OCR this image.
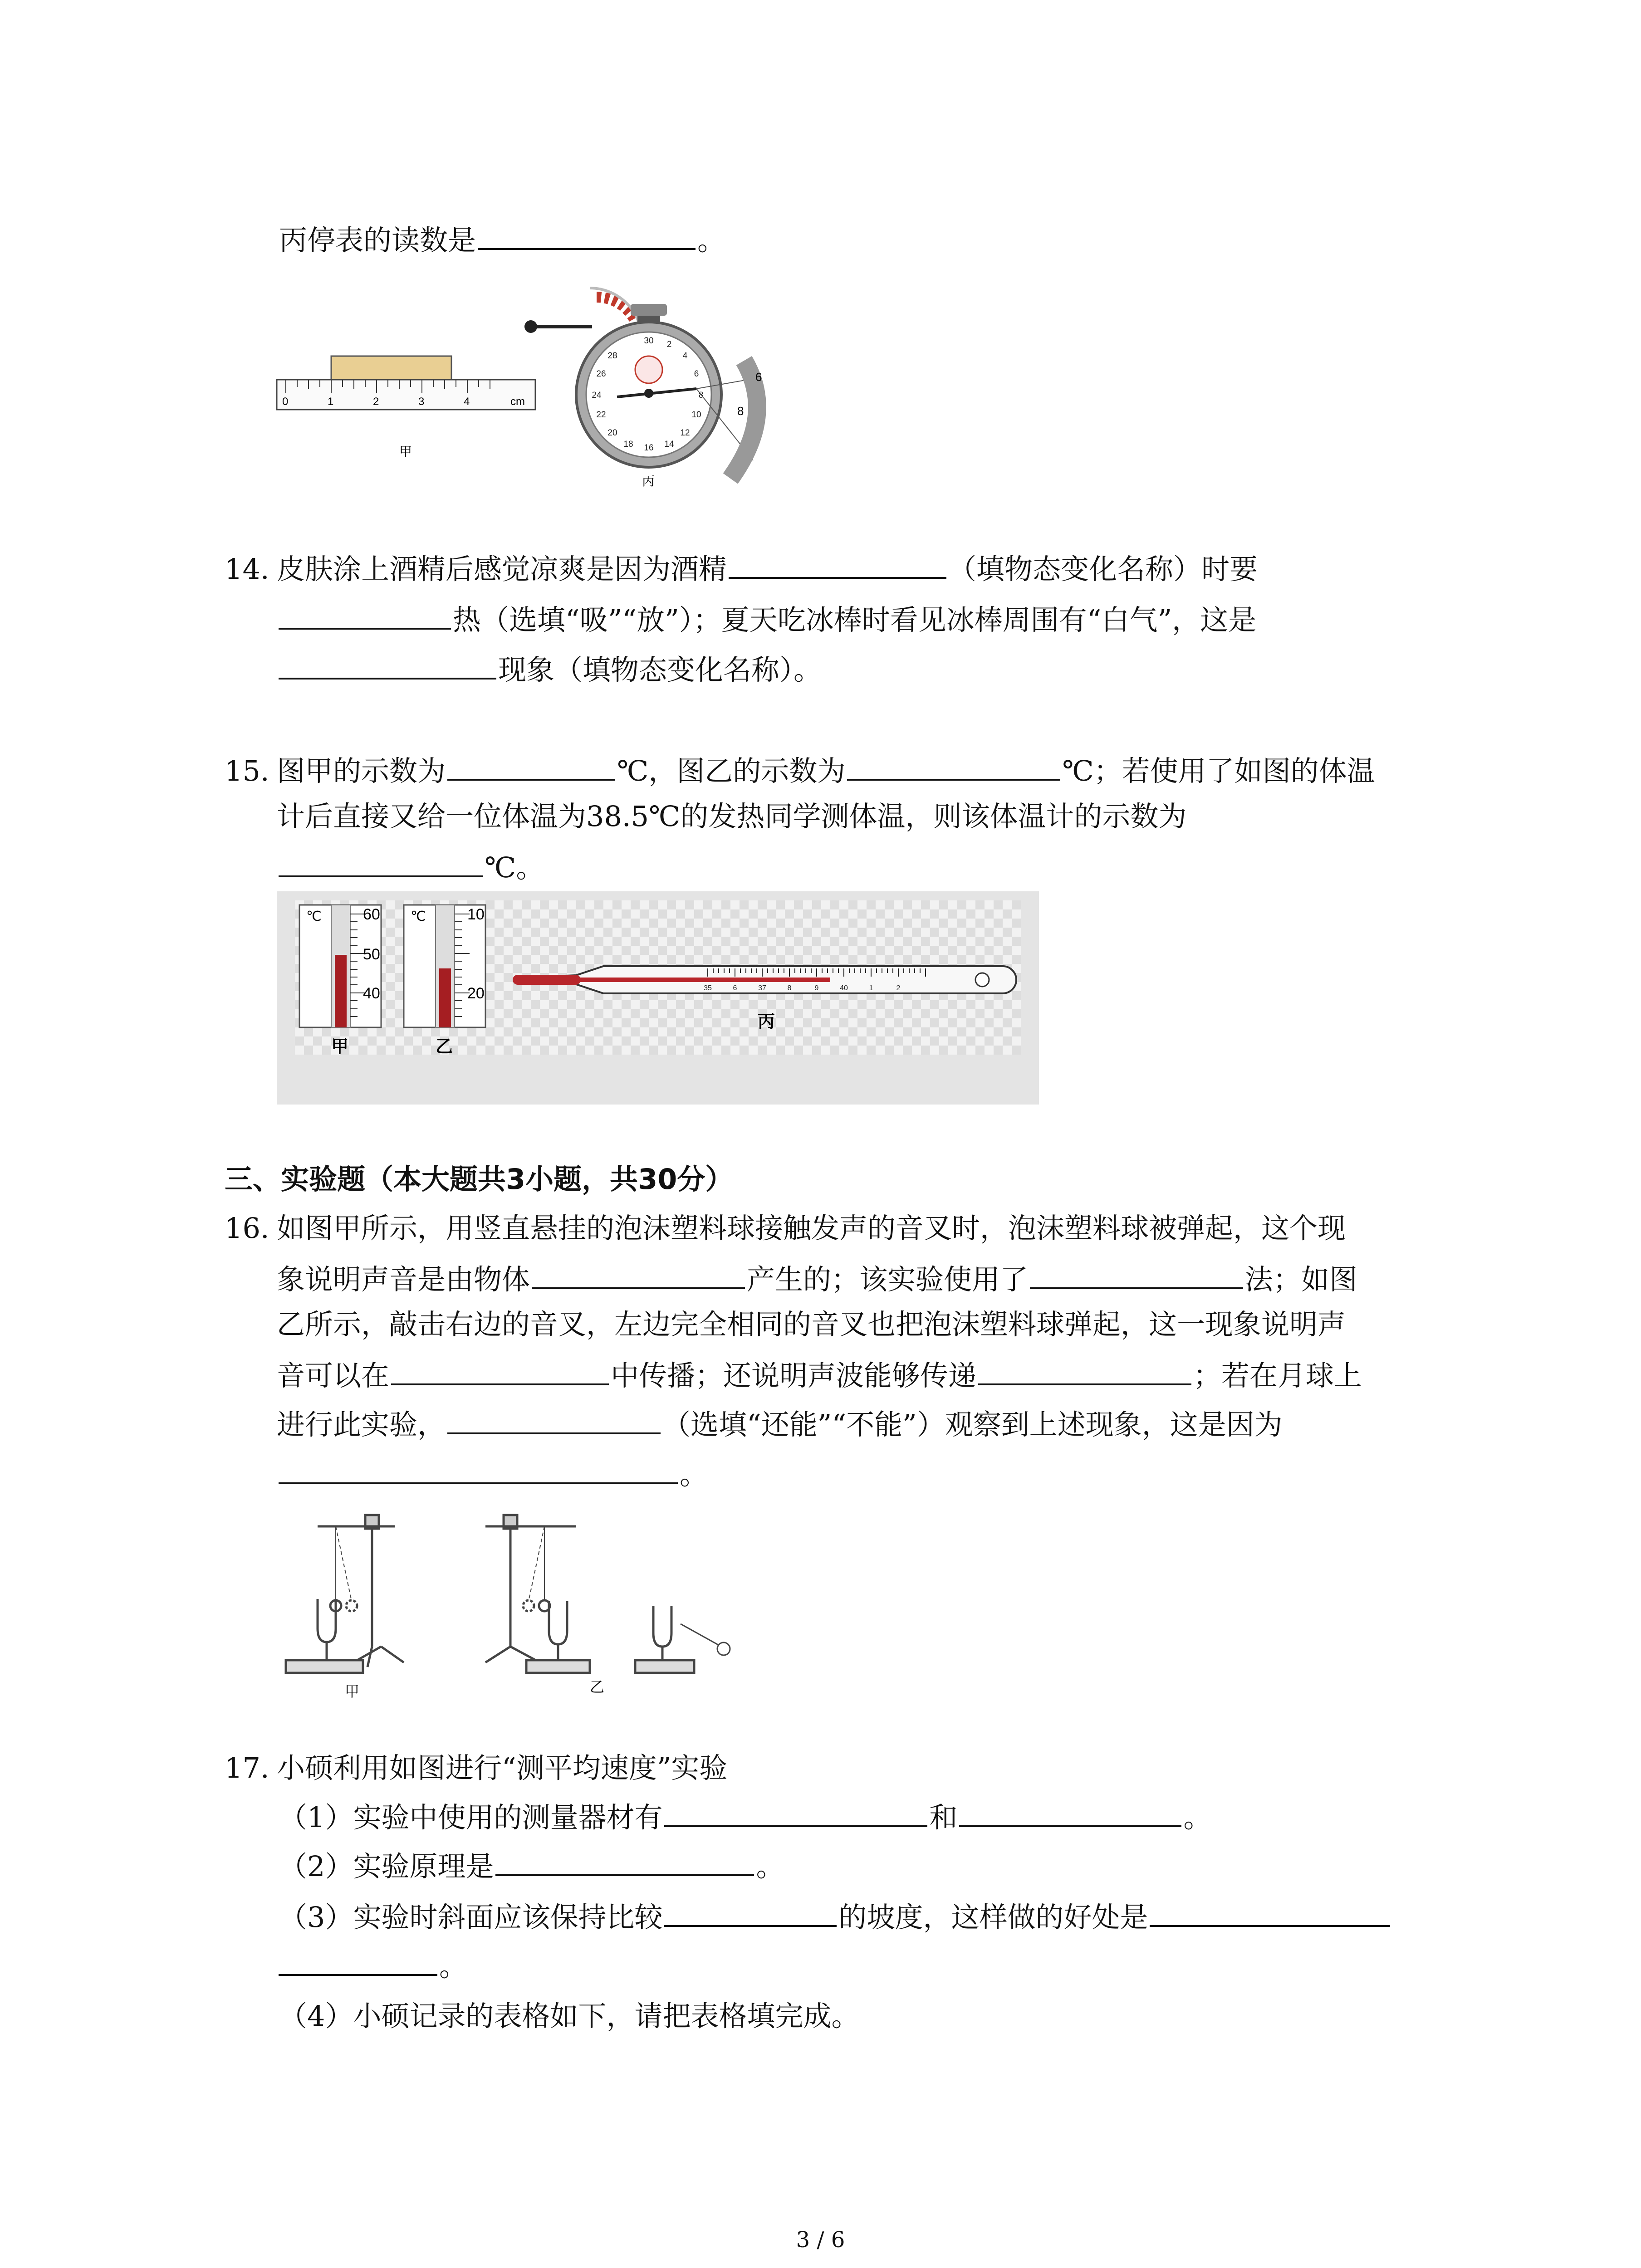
丙停表的读数是	。
0	1	2	3	4	cm
甲
30 2
4
6
8
10
12
14
16
18
20
22
24
26
28
6
8
丙
14. 皮肤涂上酒精后感觉凉爽是因为酒精	（填物态变化名称）时要
热（选填“吸”“放”）；夏天吃冰棒时看见冰棒周围有“白气”，这是
现象（填物态变化名称）。
15. 图甲的示数为	℃，图乙的示数为	℃；若使用了如图的体温
计后直接又给一位体温为38.5℃的发热同学测体温，则该体温计的示数为
℃。
℃	60
50
40
甲
℃	10
20
乙
35	6	37	8	9	40	1	2
丙
三、实验题（本大题共3小题，共30分）
16. 如图甲所示，用竖直悬挂的泡沫塑料球接触发声的音叉时，泡沫塑料球被弹起，这个现
象说明声音是由物体	产生的；该实验使用了	法；如图
乙所示，敲击右边的音叉，左边完全相同的音叉也把泡沫塑料球弹起，这一现象说明声
音可以在	中传播；还说明声波能够传递	；若在月球上
进行此实验，	（选填“还能”“不能”）观察到上述现象，这是因为
。
甲	乙
17. 小硕利用如图进行“测平均速度”实验
（1）实验中使用的测量器材有	和	。
（2）实验原理是	。
（3）实验时斜面应该保持比较	的坡度，这样做的好处是
。
（4）小硕记录的表格如下，请把表格填完成。
3 / 6
